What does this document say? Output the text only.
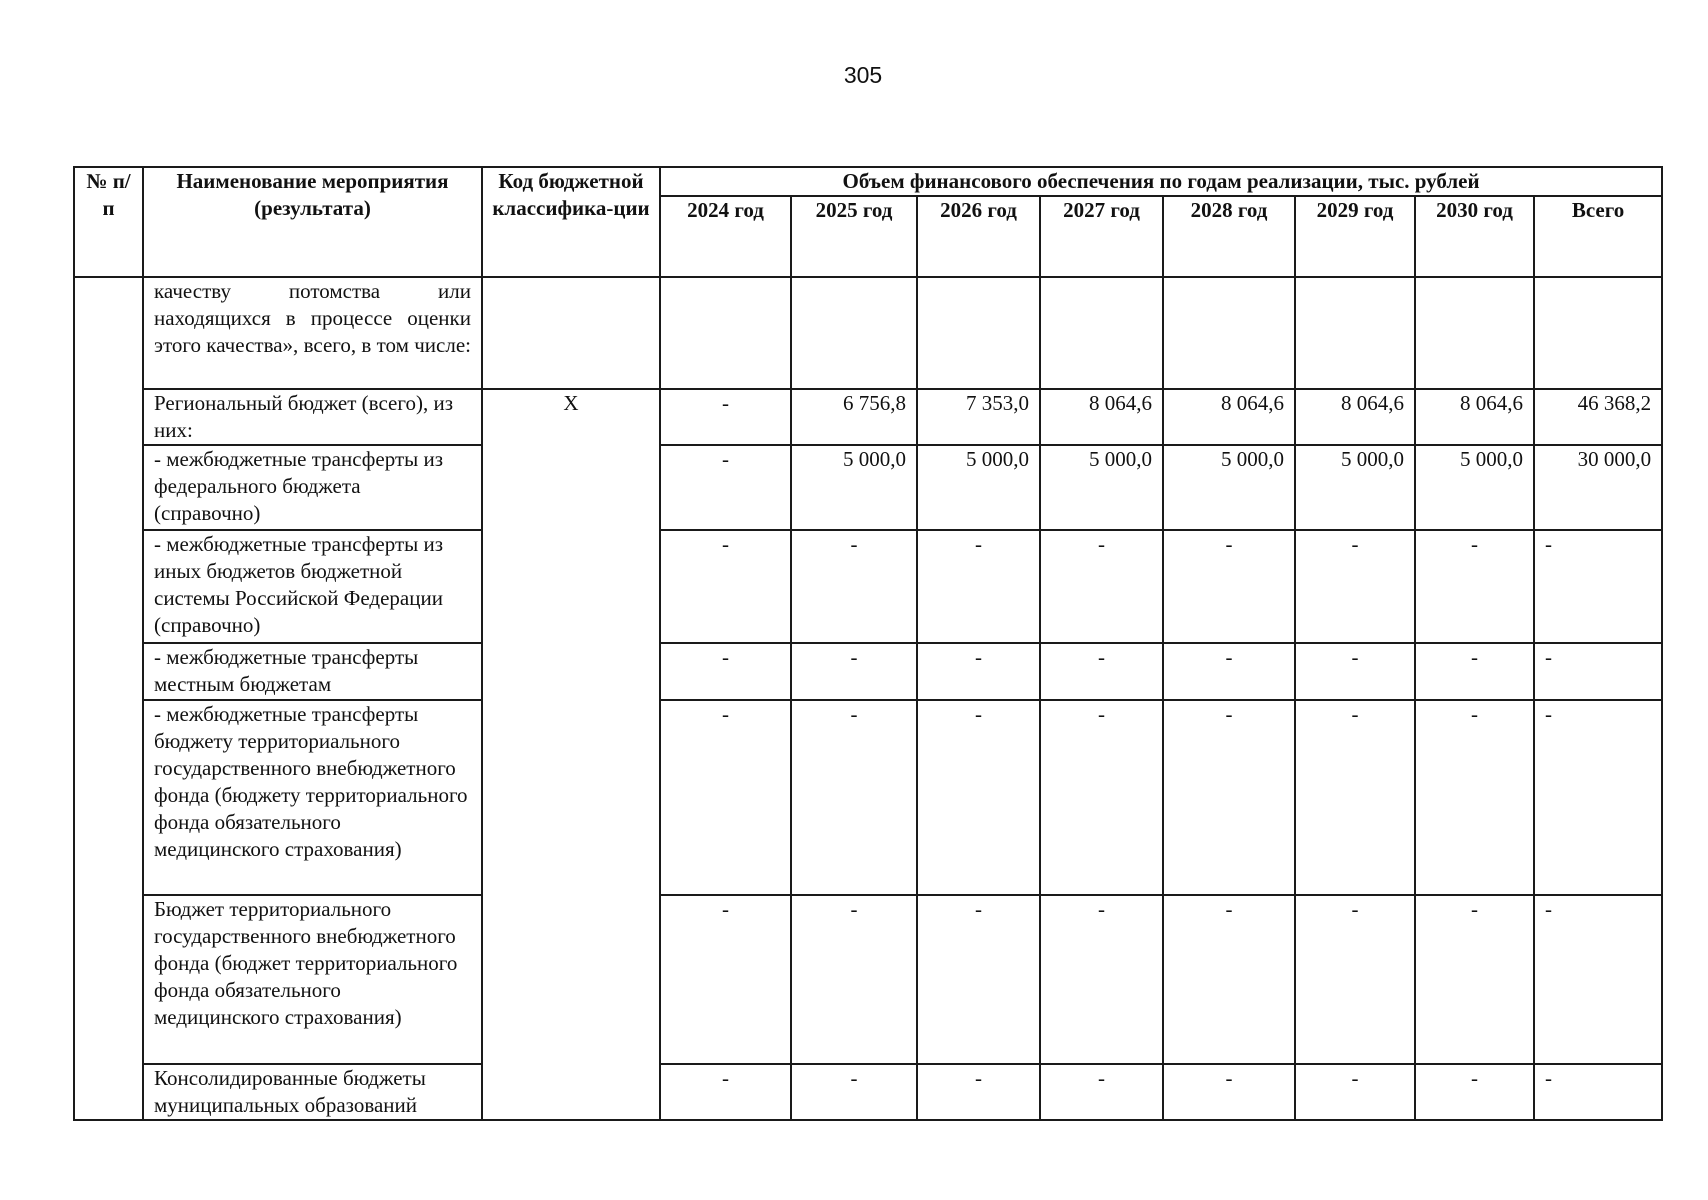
305
№ п/п	Наименование мероприятия (результата)	Код бюджетной классифика-ции	Объем финансового обеспечения по годам реализации, тыс. рублей							
			2024 год	2025 год	2026 год	2027 год	2028 год	2029 год	2030 год	Всего
	качеству потомства или находящихся в процессе оценки этого качества», всего, в том числе:									
	Региональный бюджет (всего), из них:	X	-	6 756,8	7 353,0	8 064,6	8 064,6	8 064,6	8 064,6	46 368,2
	- межбюджетные трансферты из федерального бюджета (справочно)		-	5 000,0	5 000,0	5 000,0	5 000,0	5 000,0	5 000,0	30 000,0
	- межбюджетные трансферты из иных бюджетов бюджетной системы Российской Федерации (справочно)		-	-	-	-	-	-	-	-
	- межбюджетные трансферты местным бюджетам		-	-	-	-	-	-	-	-
	- межбюджетные трансферты бюджету территориального государственного внебюджетного фонда (бюджету территориального фонда обязательного медицинского страхования)		-	-	-	-	-	-	-	-
	Бюджет территориального государственного внебюджетного фонда (бюджет территориального фонда обязательного медицинского страхования)		-	-	-	-	-	-	-	-
	Консолидированные бюджеты муниципальных образований		-	-	-	-	-	-	-	-
